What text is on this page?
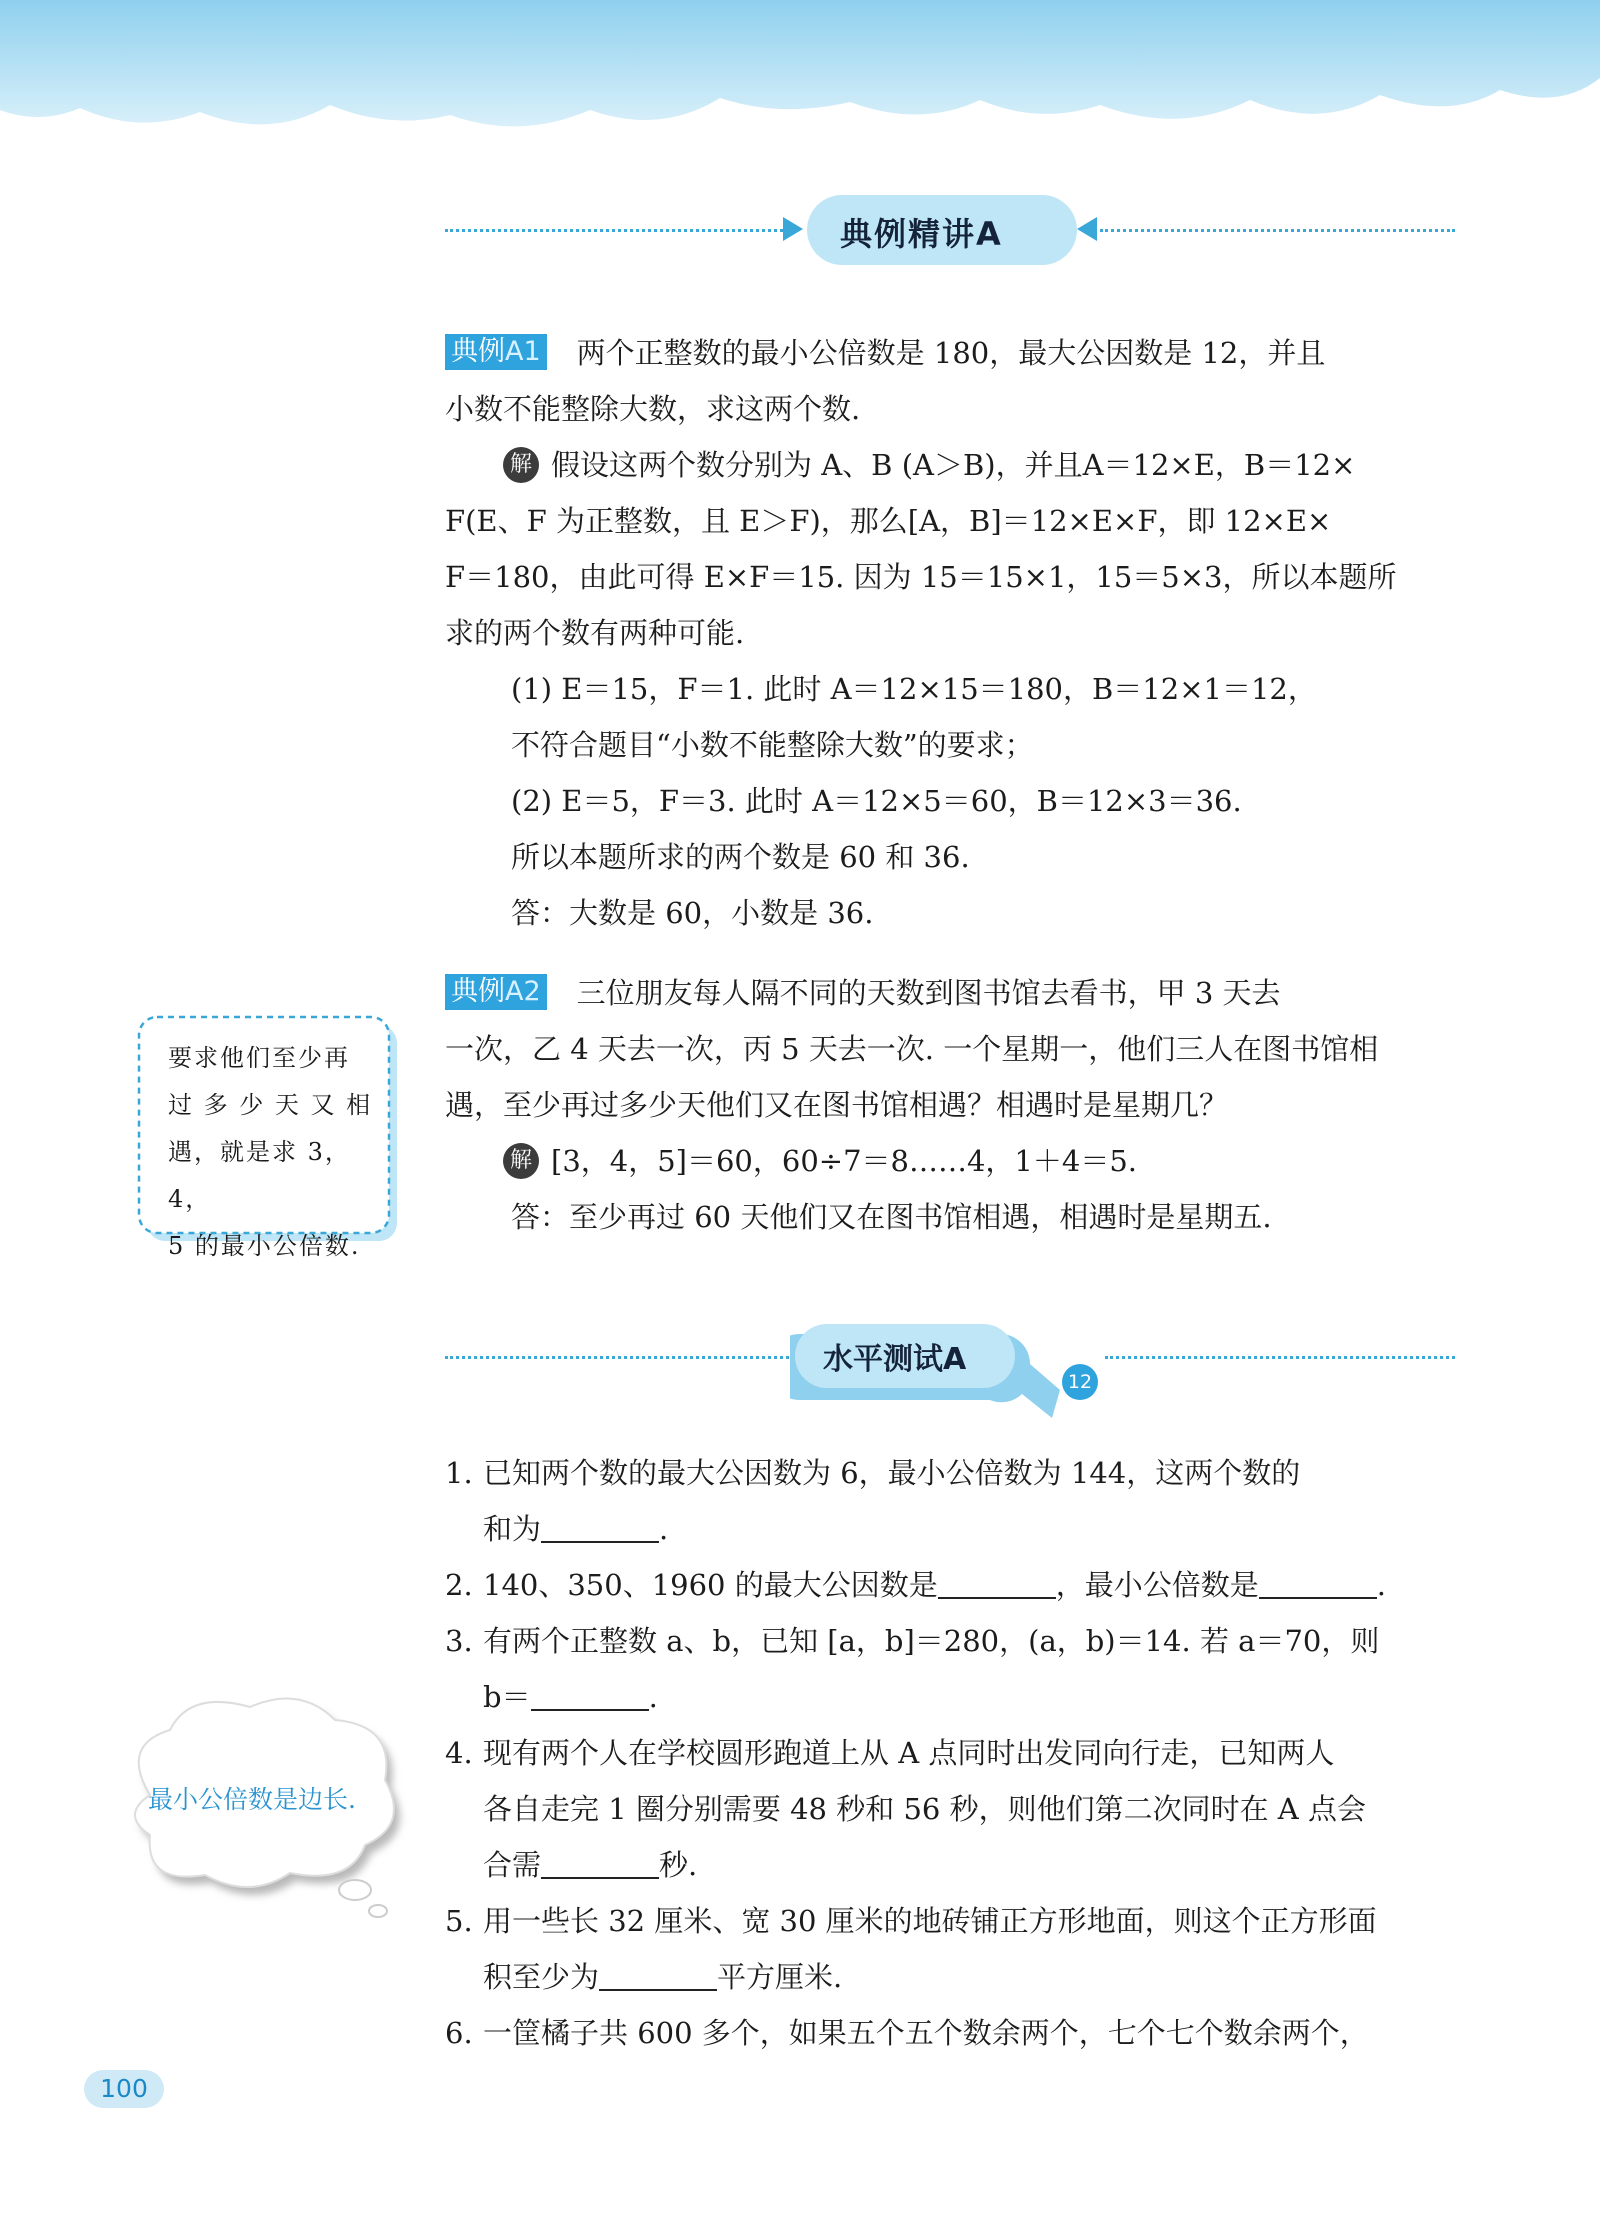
典例精讲A

典例A1 两个正整数的最小公倍数是 180，最大公因数是 12，并且

小数不能整除大数，求这两个数.

解 假设这两个数分别为 A、B (A＞B)，并且A＝12×E，B＝12×

F(E、F 为正整数，且 E＞F)，那么[A，B]＝12×E×F，即 12×E×

F＝180，由此可得 E×F＝15. 因为 15＝15×1，15＝5×3，所以本题所

求的两个数有两种可能.

(1) E＝15，F＝1. 此时 A＝12×15＝180，B＝12×1＝12，

不符合题目“小数不能整除大数”的要求；

(2) E＝5，F＝3. 此时 A＝12×5＝60，B＝12×3＝36.

所以本题所求的两个数是 60 和 36.

答：大数是 60，小数是 36.

典例A2 三位朋友每人隔不同的天数到图书馆去看书，甲 3 天去

一次，乙 4 天去一次，丙 5 天去一次. 一个星期一，他们三人在图书馆相

遇，至少再过多少天他们又在图书馆相遇？相遇时是星期几？

解 [3，4，5]＝60，60÷7＝8……4，1＋4＝5.

答：至少再过 60 天他们又在图书馆相遇，相遇时是星期五.

要求他们至少再
过 多 少 天 又 相
遇，就是求 3，4，
5 的最小公倍数.
水平测试A
12
1. 已知两个数的最大公因数为 6，最小公倍数为 144，这两个数的

和为	.

2. 140、350、1960 的最大公因数是	，最小公倍数是	.

3. 有两个正整数 a、b，已知 [a，b]＝280，(a，b)＝14. 若 a＝70，则

b＝	.

4. 现有两个人在学校圆形跑道上从 A 点同时出发同向行走，已知两人

各自走完 1 圈分别需要 48 秒和 56 秒，则他们第二次同时在 A 点会

合需	秒.

5. 用一些长 32 厘米、宽 30 厘米的地砖铺正方形地面，则这个正方形面

积至少为	平方厘米.

6. 一筐橘子共 600 多个，如果五个五个数余两个，七个七个数余两个，

最小公倍数是边长.
100
